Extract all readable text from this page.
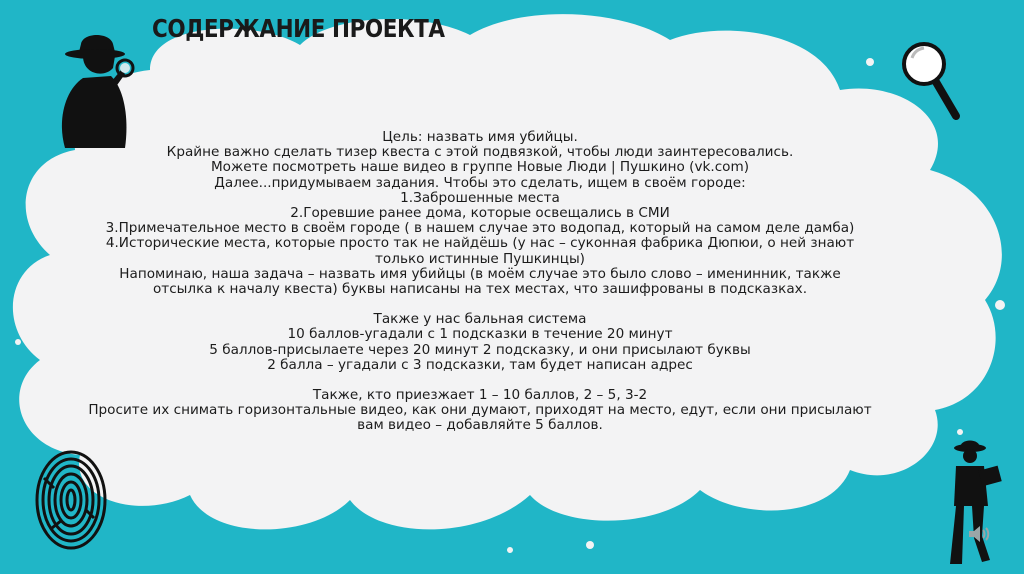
СОДЕРЖАНИЕ ПРОЕКТА
Цель: назвать имя убийцы.
Крайне важно сделать тизер квеста с этой подвязкой, чтобы люди заинтересовались.
Можете посмотреть наше видео в группе Новые Люди | Пушкино (vk.com)
Далее...придумываем задания. Чтобы это сделать, ищем в своём городе:
1.Заброшенные места
2.Горевшие ранее дома, которые освещались в СМИ
3.Примечательное место в своём городе ( в нашем случае это водопад, который на самом деле дамба)
4.Исторические места, которые просто так не найдёшь (у нас – суконная фабрика Дюпюи, о ней знают
только истинные Пушкинцы)
Напоминаю, наша задача – назвать имя убийцы (в моём случае это было слово – именинник, также
отсылка к началу квеста) буквы написаны на тех местах, что зашифрованы в подсказках.
Также у нас бальная система
10 баллов-угадали с 1 подсказки в течение 20 минут
5 баллов-присылаете через 20 минут 2 подсказку, и они присылают буквы
2 балла – угадали с 3 подсказки, там будет написан адрес
Также, кто приезжает 1 – 10 баллов, 2 – 5, 3-2
Просите их снимать горизонтальные видео, как они думают, приходят на место, едут, если они присылают
вам видео – добавляйте 5 баллов.
